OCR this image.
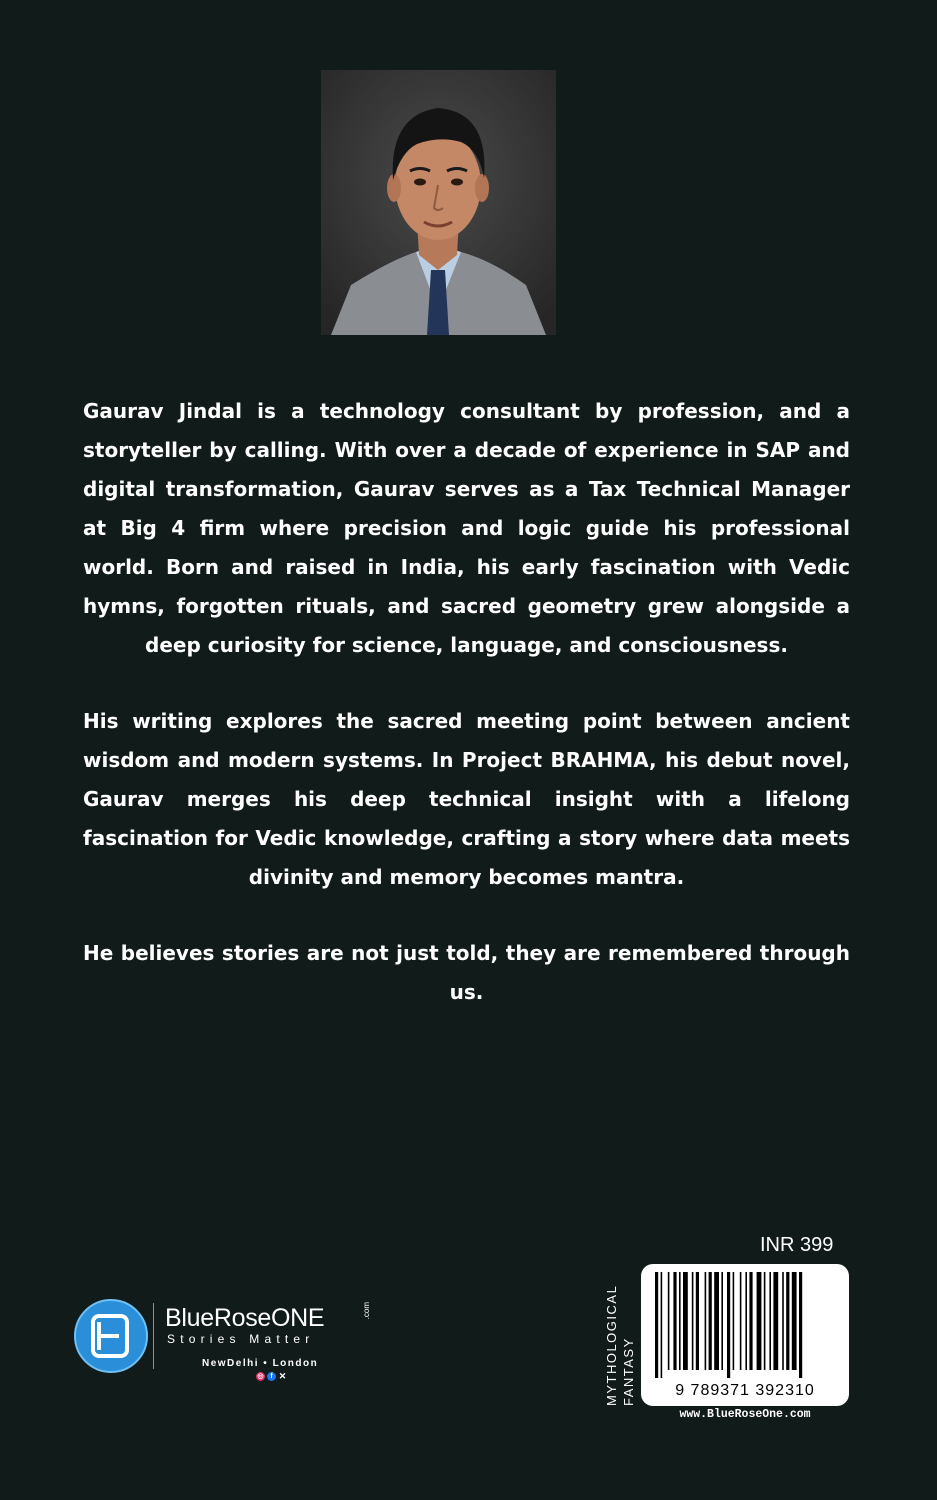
Gaurav Jindal is a technology consultant by profession, and a storyteller by calling. With over a decade of experience in SAP and digital transformation, Gaurav serves as a Tax Technical Manager at Big 4 firm where precision and logic guide his professional world. Born and raised in India, his early fascination with Vedic hymns, forgotten rituals, and sacred geometry grew alongside a deep curiosity for science, language, and consciousness.

His writing explores the sacred meeting point between ancient wisdom and modern systems. In Project BRAHMA, his debut novel, Gaurav merges his deep technical insight with a lifelong fascination for Vedic knowledge, crafting a story where data meets divinity and memory becomes mantra.

He believes stories are not just told, they are remembered through us.

INR 399
MYTHOLOGICAL FANTASY	9 789371 392310
www.BlueRoseOne.com
BlueRoseONE	.com
Stories Matter
NewDelhi • London
◎ f ✕
